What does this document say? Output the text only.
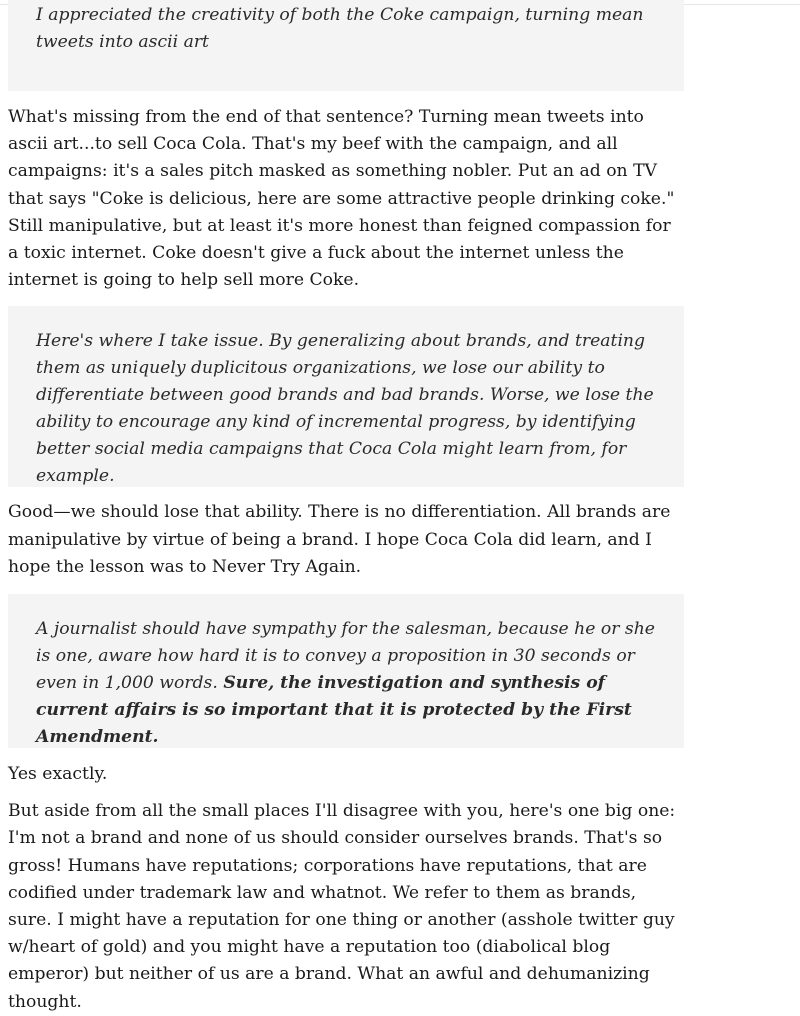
I appreciated the creativity of both the Coke campaign, turning mean tweets into ascii art

What's missing from the end of that sentence? Turning mean tweets into ascii art...to sell Coca Cola. That's my beef with the campaign, and all campaigns: it's a sales pitch masked as something nobler. Put an ad on TV that says "Coke is delicious, here are some attractive people drinking coke." Still manipulative, but at least it's more honest than feigned compassion for a toxic internet. Coke doesn't give a fuck about the internet unless the internet is going to help sell more Coke.

Here's where I take issue. By generalizing about brands, and treating them as uniquely duplicitous organizations, we lose our ability to differentiate between good brands and bad brands. Worse, we lose the ability to encourage any kind of incremental progress, by identifying better social media campaigns that Coca Cola might learn from, for example.

Good—we should lose that ability. There is no differentiation. All brands are manipulative by virtue of being a brand. I hope Coca Cola did learn, and I hope the lesson was to Never Try Again.

A journalist should have sympathy for the salesman, because he or she is one, aware how hard it is to convey a proposition in 30 seconds or even in 1,000 words. Sure, the investigation and synthesis of current affairs is so important that it is protected by the First Amendment.

Yes exactly.

But aside from all the small places I'll disagree with you, here's one big one: I'm not a brand and none of us should consider ourselves brands. That's so gross! Humans have reputations; corporations have reputations, that are codified under trademark law and whatnot. We refer to them as brands, sure. I might have a reputation for one thing or another (asshole twitter guy w/heart of gold) and you might have a reputation too (diabolical blog emperor) but neither of us are a brand. What an awful and dehumanizing thought.
